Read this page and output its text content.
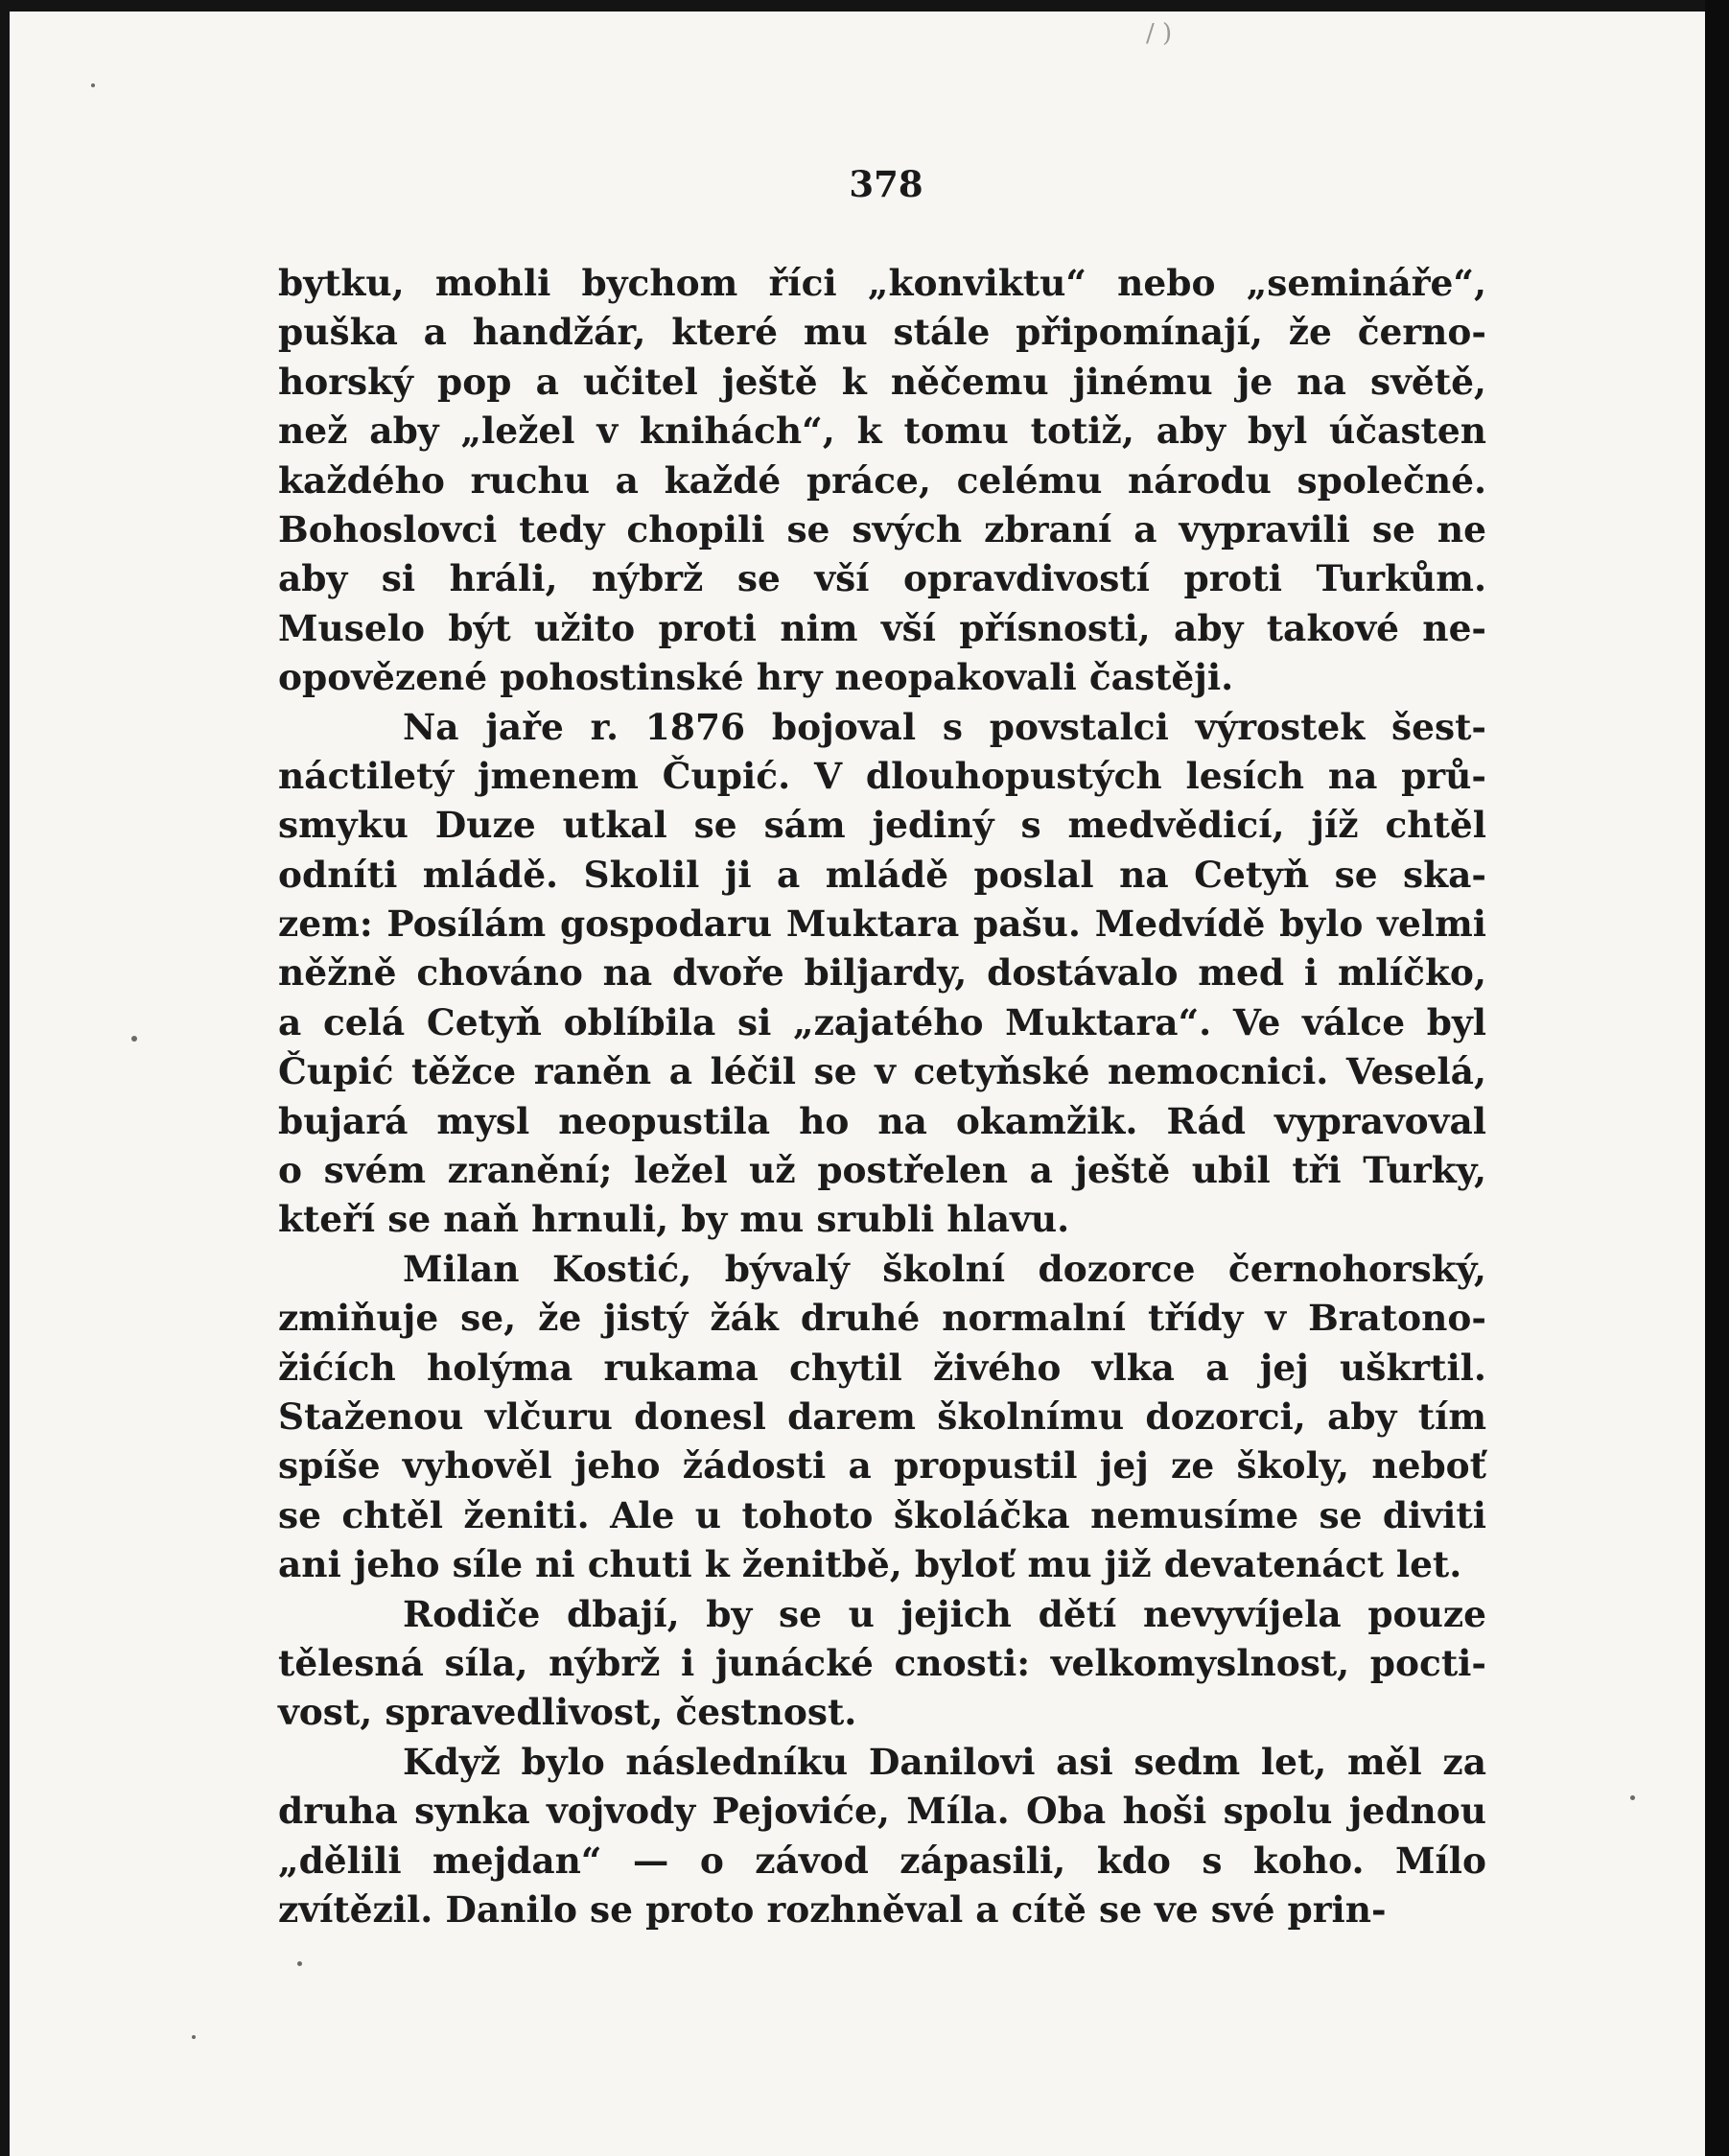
/ )

378

bytku, mohli bychom říci „konviktu“ nebo „semináře“,
puška a handžár, které mu stále připomínají, že černo-
horský pop a učitel ještě k něčemu jinému je na světě,
než aby „ležel v knihách“, k tomu totiž, aby byl účasten
každého ruchu a každé práce, celému národu společné.
Bohoslovci tedy chopili se svých zbraní a vypravili se ne
aby si hráli, nýbrž se vší opravdivostí proti Turkům.
Muselo být užito proti nim vší přísnosti, aby takové ne-
opovězené pohostinské hry neopakovali častěji.
Na jaře r. 1876 bojoval s povstalci výrostek šest-
náctiletý jmenem Čupić. V dlouhopustých lesích na prů-
smyku Duze utkal se sám jediný s medvědicí, jíž chtěl
odníti mládě. Skolil ji a mládě poslal na Cetyň se ska-
zem: Posílám gospodaru Muktara pašu. Medvídě bylo velmi
něžně chováno na dvoře biljardy, dostávalo med i mlíčko,
a celá Cetyň oblíbila si „zajatého Muktara“. Ve válce byl
Čupić těžce raněn a léčil se v cetyňské nemocnici. Veselá,
bujará mysl neopustila ho na okamžik. Rád vypravoval
o svém zranění; ležel už postřelen a ještě ubil tři Turky,
kteří se naň hrnuli, by mu srubli hlavu.
Milan Kostić, bývalý školní dozorce černohorský,
zmiňuje se, že jistý žák druhé normalní třídy v Bratono-
žićích holýma rukama chytil živého vlka a jej uškrtil.
Staženou vlčuru donesl darem školnímu dozorci, aby tím
spíše vyhověl jeho žádosti a propustil jej ze školy, neboť
se chtěl ženiti. Ale u tohoto školáčka nemusíme se diviti
ani jeho síle ni chuti k ženitbě, byloť mu již devatenáct let.
Rodiče dbají, by se u jejich dětí nevyvíjela pouze
tělesná síla, nýbrž i junácké cnosti: velkomyslnost, pocti-
vost, spravedlivost, čestnost.
Když bylo následníku Danilovi asi sedm let, měl za
druha synka vojvody Pejoviće, Míla. Oba hoši spolu jednou
„dělili mejdan“ — o závod zápasili, kdo s koho. Mílo
zvítězil. Danilo se proto rozhněval a cítě se ve své prin-
